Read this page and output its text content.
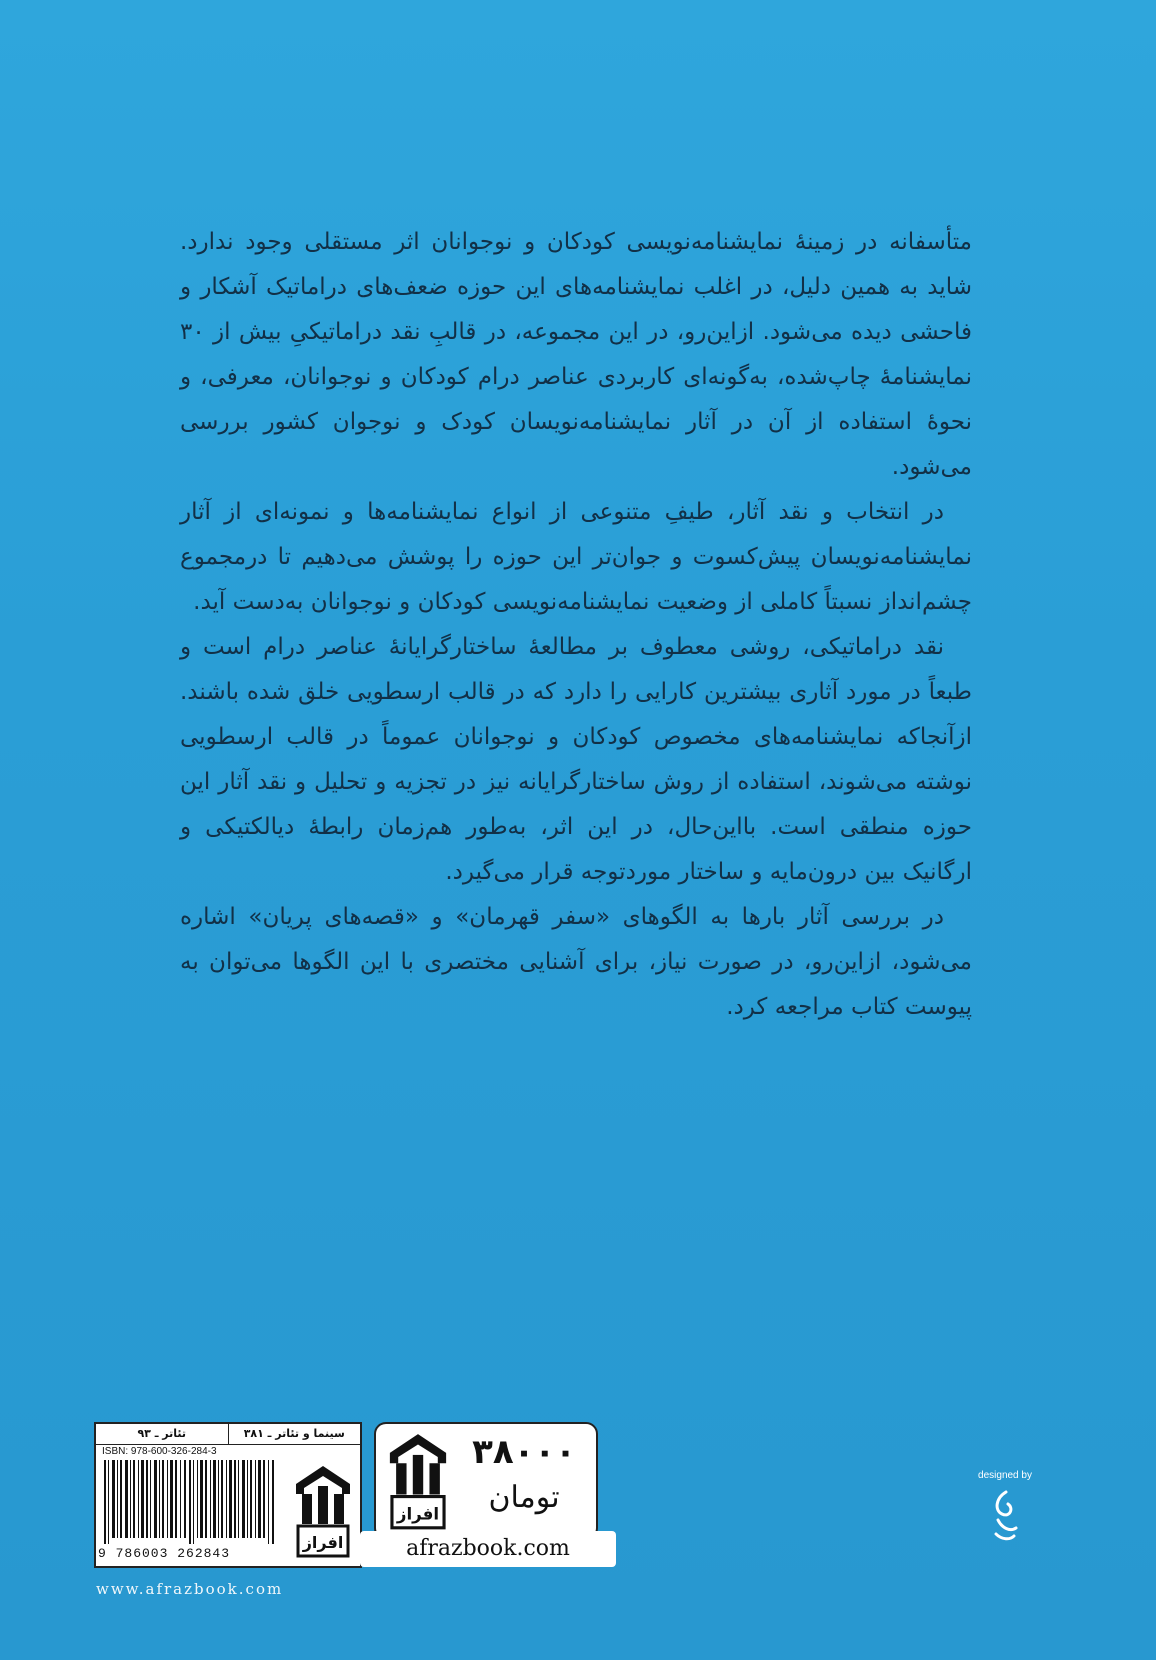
متأسفانه در زمینهٔ نمایشنامه‌نویسی کودکان و نوجوانان اثر مستقلی وجود ندارد. شاید به همین دلیل، در اغلب نمایشنامه‌های این حوزه ضعف‌های دراماتیک آشکار و فاحشی دیده می‌شود. ازاین‌رو، در این مجموعه، در قالبِ نقد دراماتیکیِ بیش از ۳۰ نمایشنامهٔ چاپ‌شده، به‌گونه‌ای کاربردی عناصر درام کودکان و نوجوانان، معرفی، و نحوهٔ استفاده از آن در آثار نمایشنامه‌نویسان کودک و نوجوان کشور بررسی می‌شود.

در انتخاب و نقد آثار، طیفِ متنوعی از انواع نمایشنامه‌ها و نمونه‌ای از آثار نمایشنامه‌نویسان پیش‌کسوت و جوان‌تر این حوزه را پوشش می‌دهیم تا درمجموع چشم‌انداز نسبتاً کاملی از وضعیت نمایشنامه‌نویسی کودکان و نوجوانان به‌دست آید.

نقد دراماتیکی، روشی معطوف بر مطالعهٔ ساختارگرایانهٔ عناصر درام است و طبعاً در مورد آثاری بیشترین کارایی را دارد که در قالب ارسطویی خلق شده باشند. ازآنجاکه نمایشنامه‌های مخصوص کودکان و نوجوانان عموماً در قالب ارسطویی نوشته می‌شوند، استفاده از روش ساختارگرایانه نیز در تجزیه و تحلیل و نقد آثار این حوزه منطقی است. بااین‌حال، در این اثر، به‌طور هم‌زمان رابطهٔ دیالکتیکی و ارگانیک بین درون‌مایه و ساختار موردتوجه قرار می‌گیرد.

در بررسی آثار بارها به الگوهای «سفر قهرمان» و «قصه‌های پریان» اشاره می‌شود، ازاین‌رو، در صورت نیاز، برای آشنایی مختصری با این الگوها می‌توان به پیوست کتاب مراجعه کرد.

سینما و تئاتر ـ ۳۸۱
تئاتر ـ ۹۳
ISBN: 978-600-326-284-3
9 786003 262843
افراز
افراز
۳۸۰۰۰
تومان
afrazbook.com
www.afrazbook.com
designed by
